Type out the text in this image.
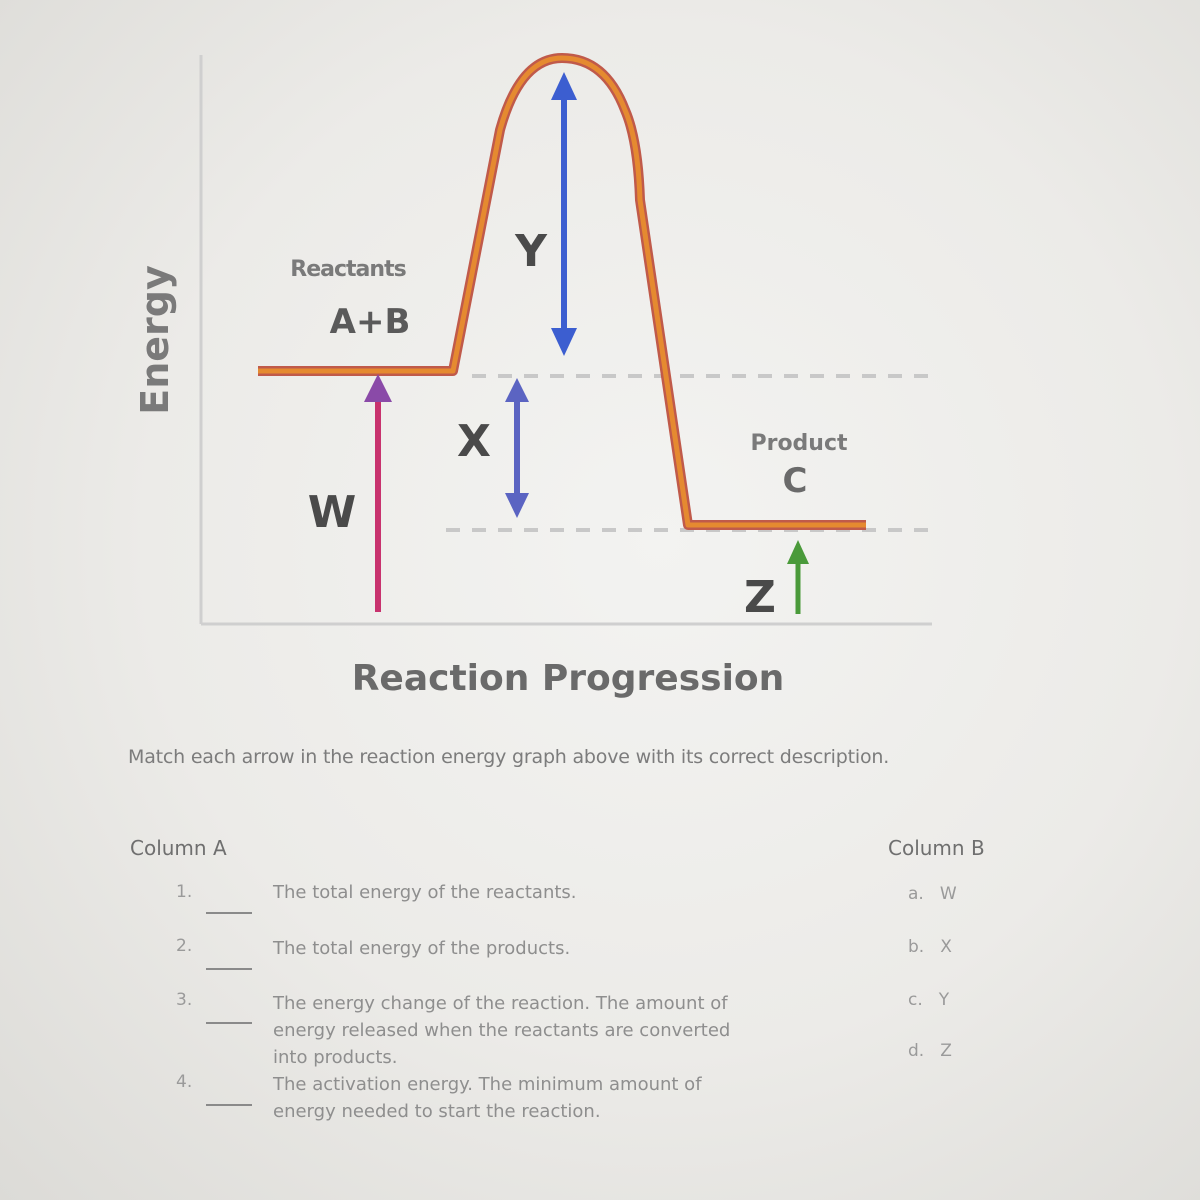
Energy
Reaction Progression
Reactants
A+B
Product
C
W
X
Y
Z
Match each arrow in the reaction energy graph above with its correct description.
Column A	Column B
1.	The total energy of the reactants.
2.	The total energy of the products.
3.	The energy change of the reaction. The amount of energy released when the reactants are converted into products.
4.	The activation energy. The minimum amount of energy needed to start the reaction.
a. W
b. X
c. Y
d. Z
